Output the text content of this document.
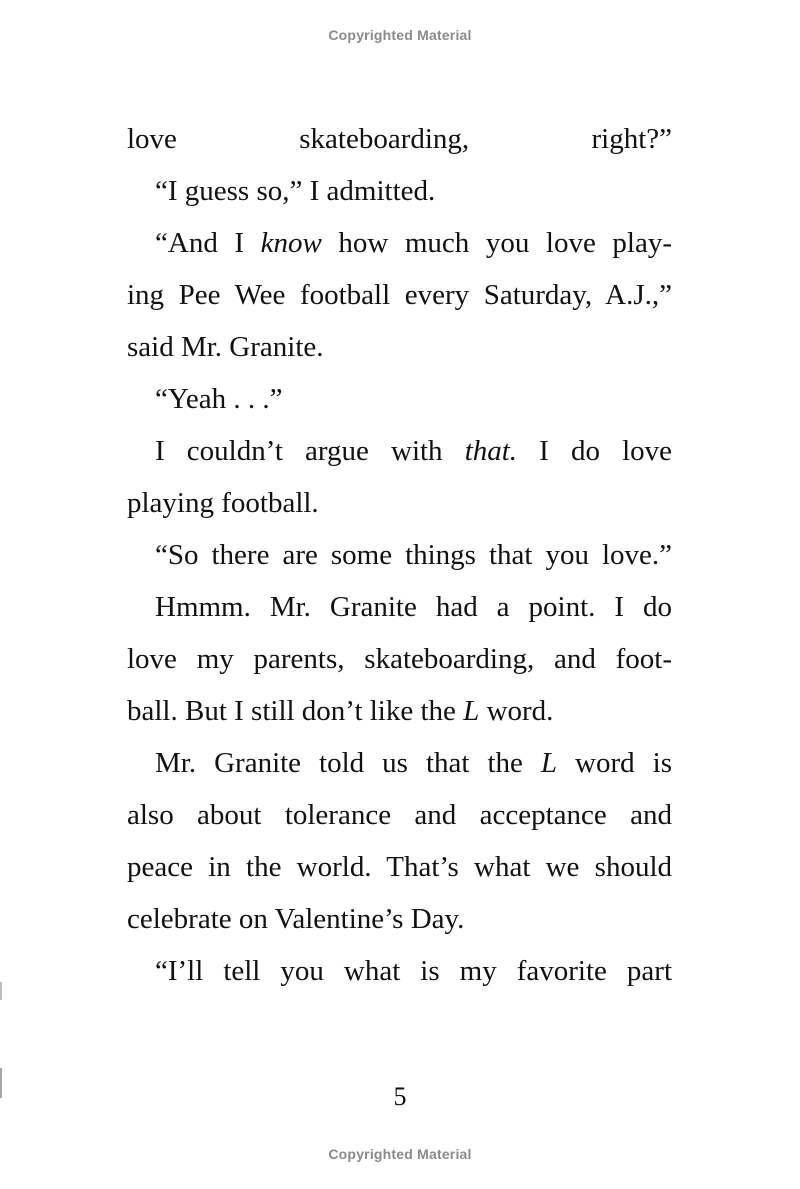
Copyrighted Material
love skateboarding, right?”
“I guess so,” I admitted.
“And I know how much you love play-
ing Pee Wee football every Saturday, A.J.,”
said Mr. Granite.
“Yeah . . .”
I couldn’t argue with that. I do love
playing football.
“So there are some things that you love.”
Hmmm. Mr. Granite had a point. I do
love my parents, skateboarding, and foot-
ball. But I still don’t like the L word.
Mr. Granite told us that the L word is
also about tolerance and acceptance and
peace in the world. That’s what we should
celebrate on Valentine’s Day.
“I’ll tell you what is my favorite part
5
Copyrighted Material
